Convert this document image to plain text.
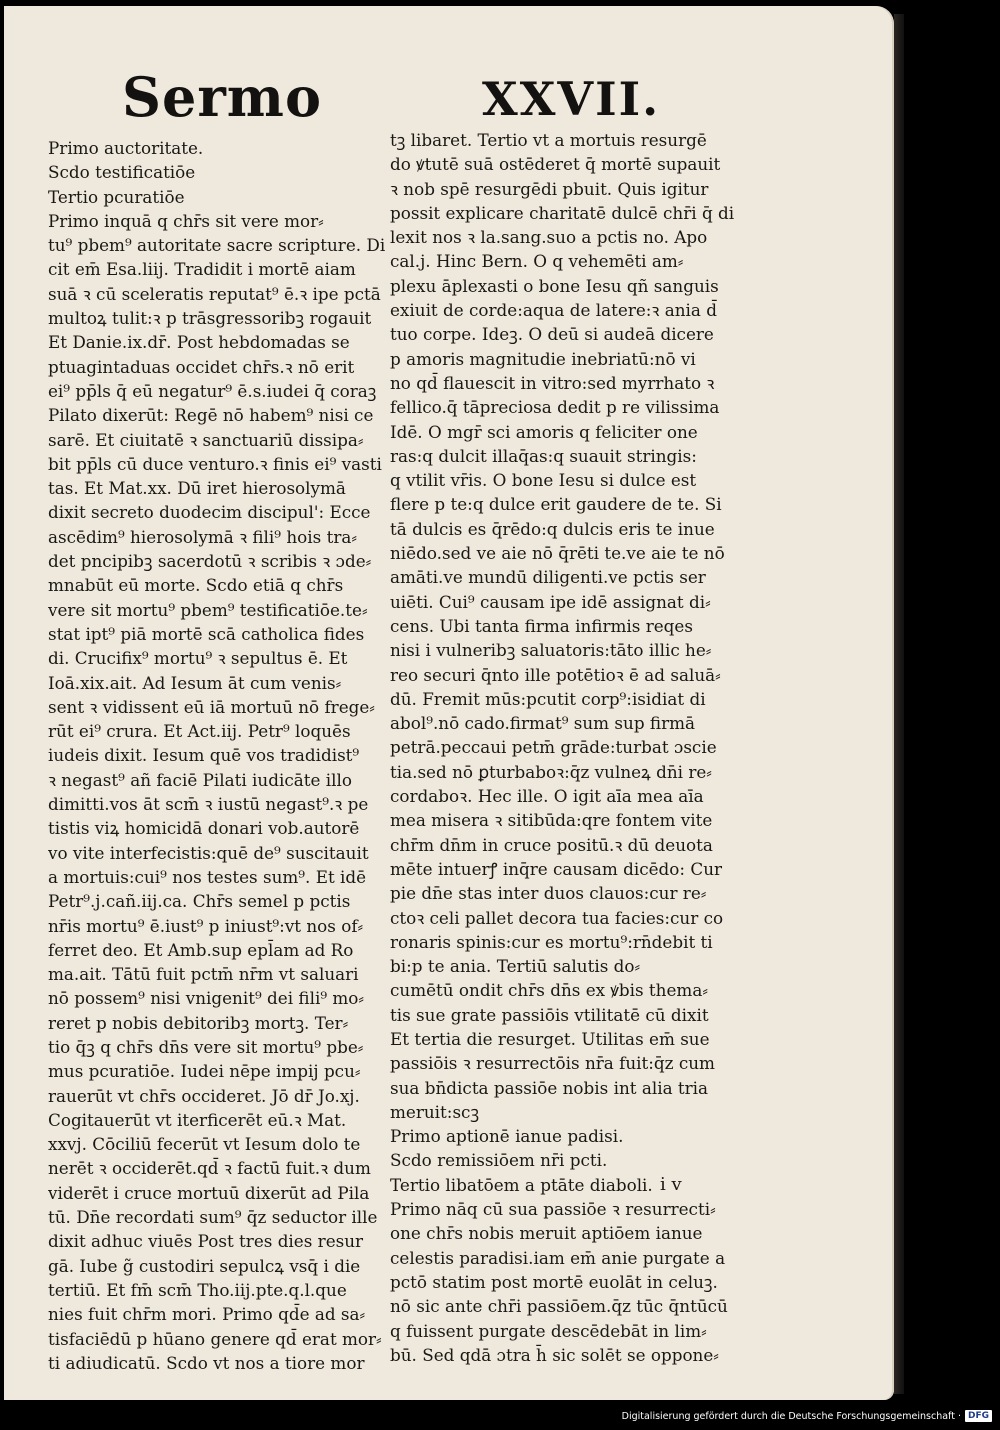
Sermo	XXVII.
Primo auctoritate.
Scdo testificatiōe
Tertio pcuratiōe
Primo inquā q chr̄s sit vere mor⸗
tu⁹ pbem⁹ autoritate sacre scripture. Di
cit em̄ Esa.liij. Tradidit i mortē aiam
suā ꝛ cū sceleratis reputat⁹ ē.ꝛ ipe pctā
multoꝝ tulit:ꝛ p trāsgressoribꝫ rogauit
Et Danie.ix.dr̄. Post hebdomadas se
ptuagintaduas occidet chr̄s.ꝛ nō erit
ei⁹ pp̄ls q̄ eū negatur⁹ ē.s.iudei q̄ coraꝫ
Pilato dixerūt: Regē nō habem⁹ nisi ce
sarē. Et ciuitatē ꝛ sanctuariū dissipa⸗
bit pp̄ls cū duce venturo.ꝛ finis ei⁹ vasti
tas. Et Mat.xx. Dū iret hierosolymā
dixit secreto duodecim discipul': Ecce
ascēdim⁹ hierosolymā ꝛ fili⁹ hois tra⸗
det pncipibꝫ sacerdotū ꝛ scribis ꝛ ɔde⸗
mnabūt eū morte. Scdo etiā q chr̄s
vere sit mortu⁹ pbem⁹ testificatiōe.te⸗
stat ipt⁹ piā mortē scā catholica fides
di. Crucifix⁹ mortu⁹ ꝛ sepultus ē. Et
Ioā.xix.ait. Ad Iesum āt cum venis⸗
sent ꝛ vidissent eū iā mortuū nō frege⸗
rūt ei⁹ crura. Et Act.iij. Petr⁹ loquēs
iudeis dixit. Iesum quē vos tradidist⁹
ꝛ negast⁹ añ faciē Pilati iudicāte illo
dimitti.vos āt scm̄ ꝛ iustū negast⁹.ꝛ pe
tistis viꝝ homicidā donari vob.autorē
vo vite interfecistis:quē de⁹ suscitauit
a mortuis:cui⁹ nos testes sum⁹. Et idē
Petr⁹.j.cañ.iij.ca. Chr̄s semel p pctis
nr̄is mortu⁹ ē.iust⁹ p iniust⁹:vt nos of⸗
ferret deo. Et Amb.sup epl̄am ad Ro
ma.ait. Tātū fuit pctm̄ nr̄m vt saluari
nō possem⁹ nisi vnigenit⁹ dei fili⁹ mo⸗
reret p nobis debitoribꝫ mortꝫ. Ter⸗
tio q̄ꝫ q chr̄s dn̄s vere sit mortu⁹ pbe⸗
mus pcuratiōe. Iudei nēpe impij pcu⸗
rauerūt vt chr̄s occideret. Jō dr̄ Jo.xj.
Cogitauerūt vt iterficerēt eū.ꝛ Mat.
xxvj. Cōciliū fecerūt vt Iesum dolo te
nerēt ꝛ occiderēt.qd̄ ꝛ factū fuit.ꝛ dum
viderēt i cruce mortuū dixerūt ad Pila
tū. Dn̄e recordati sum⁹ q̄z seductor ille
dixit adhuc viuēs Post tres dies resur
gā. Iube g̃ custodiri sepulcꝝ vsq̄ i die
tertiū. Et fm̄ scm̄ Tho.iij.pte.q.l.que
nies fuit chr̄m mori. Primo qd̄e ad sa⸗
tisfaciēdū p hūano genere qd̄ erat mor⸗
ti adiudicatū. Scdo vt nos a tiore mor
tꝫ libaret. Tertio vt a mortuis resurgē
do ꝟtutē suā ostēderet q̄ mortē supauit
ꝛ nob spē resurgēdi pbuit. Quis igitur
possit explicare charitatē dulcē chr̄i q̄ di
lexit nos ꝛ la.sang.suo a pctis no. Apo
cal.j. Hinc Bern. O q vehemēti am⸗
plexu āplexasti o bone Iesu qñ sanguis
exiuit de corde:aqua de latere:ꝛ ania d̄
tuo corpe. Ideꝫ. O deū si audeā dicere
p amoris magnitudie inebriatū:nō vi
no qd̄ flauescit in vitro:sed myrrhato ꝛ
fellico.q̄ tāpreciosa dedit p re vilissima
Idē. O mgr̄ sci amoris q feliciter one
ras:q dulcit illaq̄as:q suauit stringis:
q vtilit vr̄is. O bone Iesu si dulce est
flere p te:q dulce erit gaudere de te. Si
tā dulcis es q̄rēdo:q dulcis eris te inue
niēdo.sed ve aie nō q̄rēti te.ve aie te nō
amāti.ve mundū diligenti.ve pctis ser
uiēti. Cui⁹ causam ipe idē assignat di⸗
cens. Ubi tanta firma infirmis reqes
nisi i vulneribꝫ saluatoris:tāto illic he⸗
reo securi q̄nto ille potētioꝛ ē ad saluā⸗
dū. Fremit mūs:pcutit corp⁹:isidiat di
abol⁹.nō cado.firmat⁹ sum sup firmā
petrā.peccaui petm̄ grāde:turbat ɔscie
tia.sed nō ꝑturbaboꝛ:q̄z vulneꝝ dn̄i re⸗
cordaboꝛ. Hec ille. O igit aīa mea aīa
mea misera ꝛ sitibūda:qre fontem vite
chr̄m dn̄m in cruce positū.ꝛ dū deuota
mēte intuerꝭ inq̄re causam dicēdo: Cur
pie dn̄e stas inter duos clauos:cur re⸗
ctoꝛ celi pallet decora tua facies:cur co
ronaris spinis:cur es mortu⁹:rn̄debit ti
bi:p te ania. Tertiū salutis do⸗
cumētū ondit chr̄s dn̄s ex ꝟbis thema⸗
tis sue grate passiōis vtilitatē cū dixit
Et tertia die resurget. Utilitas em̄ sue
passiōis ꝛ resurrectōis nr̄a fuit:q̄z cum
sua bn̄dicta passiōe nobis int alia tria
meruit:scꝫ
Primo aptionē ianue padisi.
Scdo remissiōem nr̄i pcti.
Tertio libatōem a ptāte diaboli.
Primo nāq cū sua passiōe ꝛ resurrecti⸗
one chr̄s nobis meruit aptiōem ianue
celestis paradisi.iam em̄ anie purgate a
pctō statim post mortē euolāt in celuꝫ.
nō sic ante chr̄i passiōem.q̄z tūc q̄ntūcū
q fuissent purgate descēdebāt in lim⸗
bū. Sed qdā ɔtra h̄ sic solēt se oppone⸗
i v
Digitalisierung gefördert durch die Deutsche Forschungsgemeinschaft · DFG
